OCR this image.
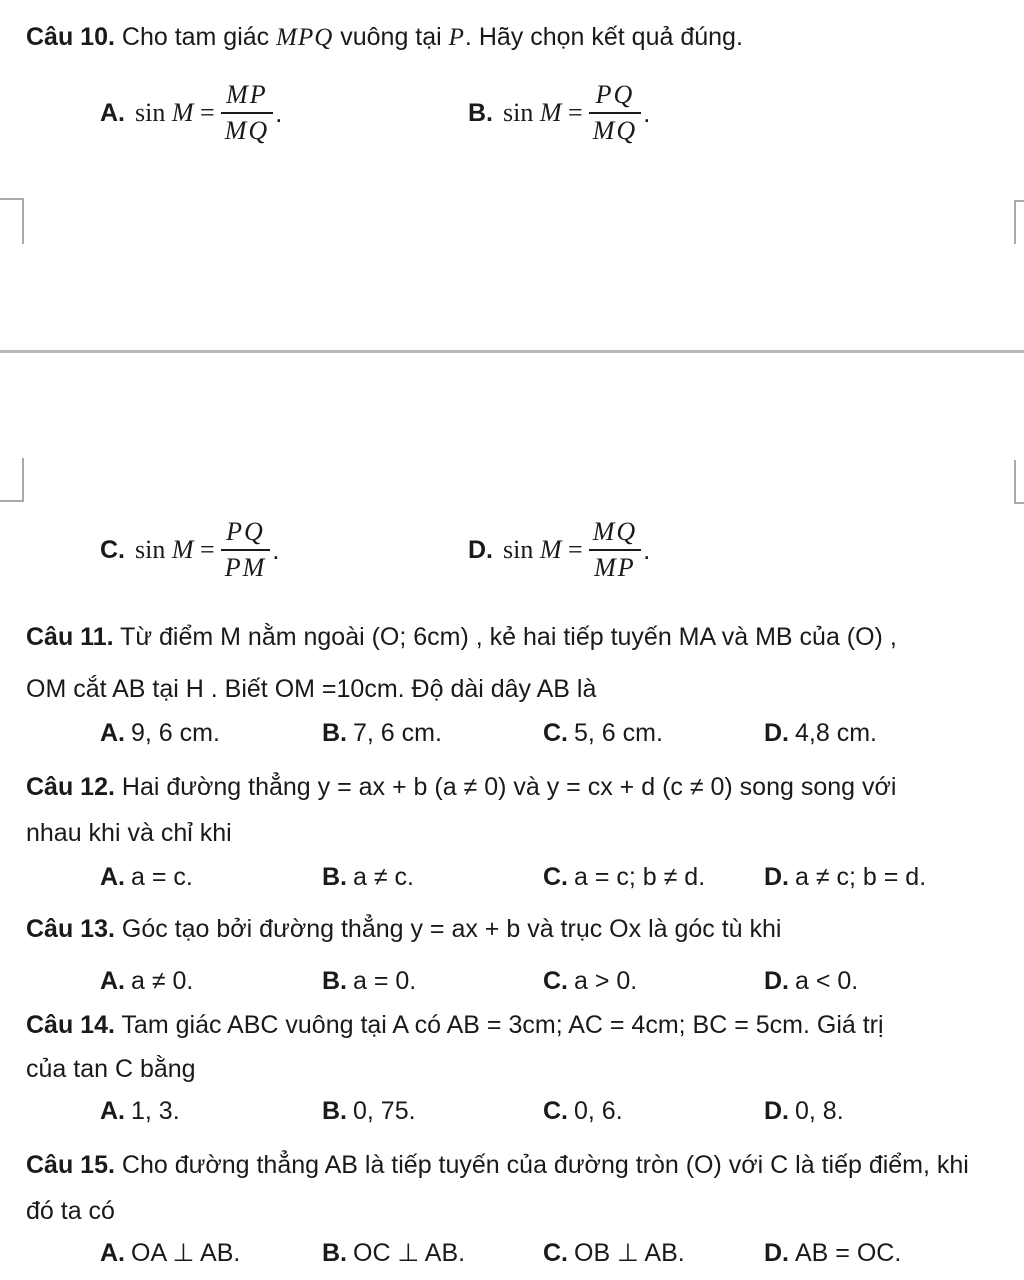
Câu 10. Cho tam giác MPQ vuông tại P. Hãy chọn kết quả đúng.
A. $\sin M = \frac{MP}{MQ}$ .	B. $\sin M = \frac{PQ}{MQ}$ .
C. $\sin M = \frac{PQ}{PM}$ .	D. $\sin M = \frac{MQ}{MP}$ .
Câu 11. Từ điểm M nằm ngoài (O; 6cm) , kẻ hai tiếp tuyến MA và MB của (O) ,
OM cắt AB tại H . Biết OM =10cm. Độ dài dây AB là
A. 9, 6 cm.	B. 7, 6 cm.	C. 5, 6 cm.	D. 4,8 cm.
Câu 12. Hai đường thẳng y = ax + b (a ≠ 0) và y = cx + d (c ≠ 0) song song với
nhau khi và chỉ khi
A. a = c.	B. a ≠ c.	C. a = c; b ≠ d. D. a ≠ c; b = d.
Câu 13. Góc tạo bởi đường thẳng y = ax + b và trục Ox là góc tù khi
A. a ≠ 0.	B. a = 0.	C. a > 0.	D. a < 0.
Câu 14. Tam giác ABC vuông tại A có AB = 3cm; AC = 4cm; BC = 5cm. Giá trị
của tan C bằng
A. 1, 3.	B. 0, 75.	C. 0, 6.	D. 0, 8.
Câu 15. Cho đường thẳng AB là tiếp tuyến của đường tròn (O) với C là tiếp điểm, khi
đó ta có
A. OA ⊥ AB.	B. OC ⊥ AB.	C. OB ⊥ AB.	D. AB = OC.
